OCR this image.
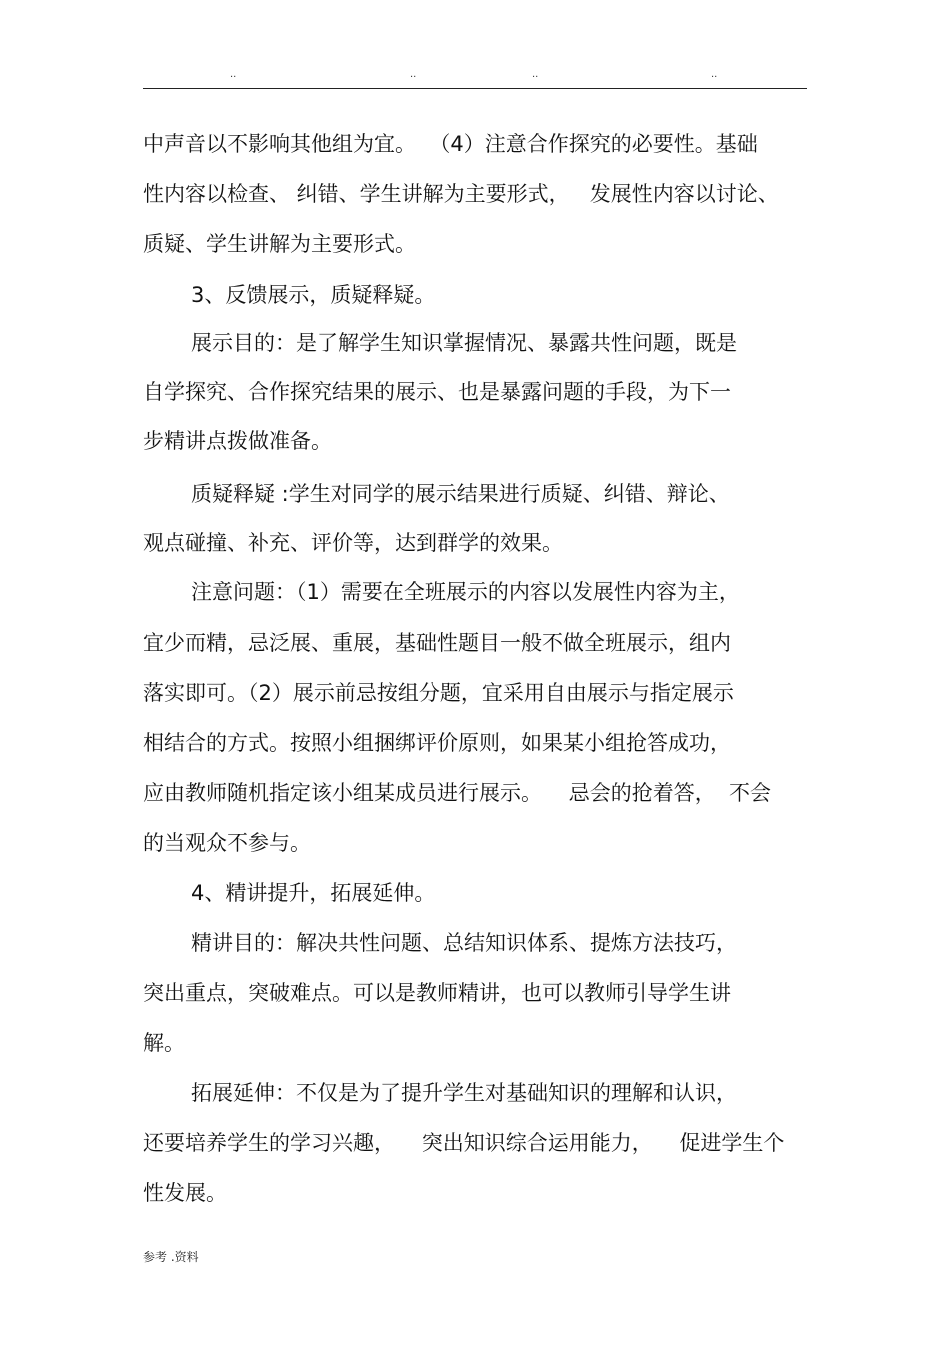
..	..	..	..
中声音以不影响其他组为宜。  （4）注意合作探究的必要性。基础
性内容以检查、 纠错、学生讲解为主要形式，   发展性内容以讨论、
质疑、学生讲解为主要形式。
3、反馈展示，质疑释疑。
展示目的：是了解学生知识掌握情况、暴露共性问题，既是
自学探究、合作探究结果的展示、也是暴露问题的手段，为下一
步精讲点拨做准备。
质疑释疑 :学生对同学的展示结果进行质疑、纠错、辩论、
观点碰撞、补充、评价等，达到群学的效果。
注意问题：（1）需要在全班展示的内容以发展性内容为主，
宜少而精，忌泛展、重展，基础性题目一般不做全班展示，组内
落实即可。（2）展示前忌按组分题，宜采用自由展示与指定展示
相结合的方式。按照小组捆绑评价原则，如果某小组抢答成功，
应由教师随机指定该小组某成员进行展示。    忌会的抢着答，  不会
的当观众不参与。
4、精讲提升，拓展延伸。
精讲目的：解决共性问题、总结知识体系、提炼方法技巧，
突出重点，突破难点。可以是教师精讲，也可以教师引导学生讲
解。
拓展延伸：不仅是为了提升学生对基础知识的理解和认识，
还要培养学生的学习兴趣，    突出知识综合运用能力，    促进学生个
性发展。
参考 .资料
